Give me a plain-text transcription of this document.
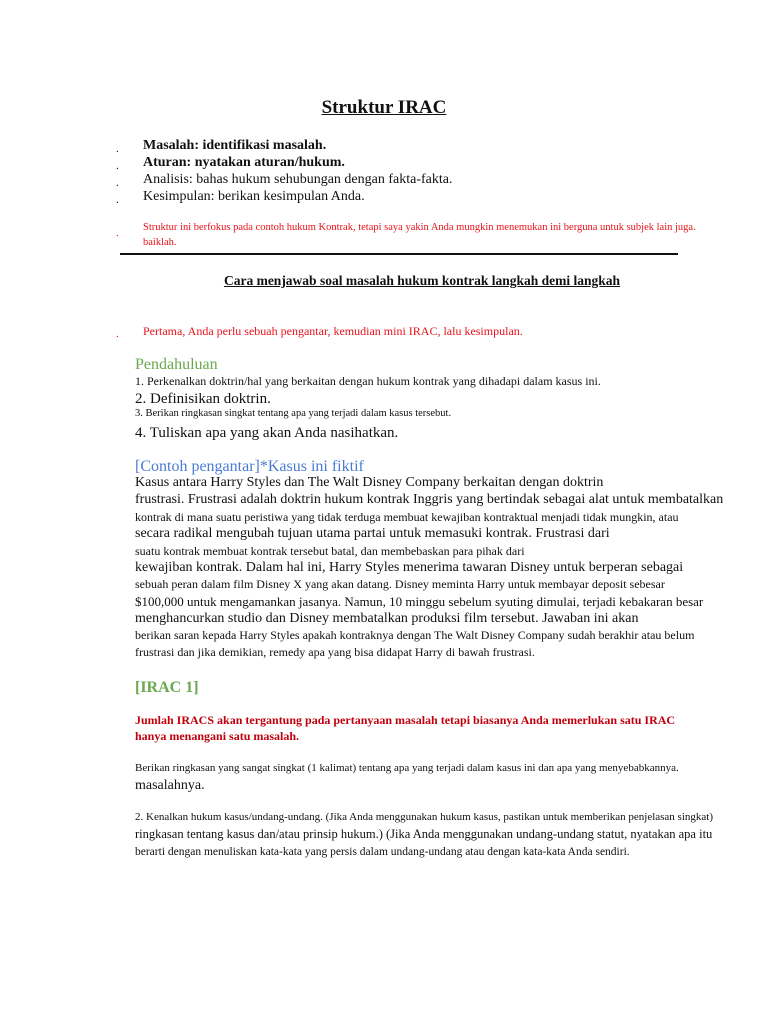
Struktur IRAC
. Masalah: identifikasi masalah.
. Aturan: nyatakan aturan/hukum.
. Analisis: bahas hukum sehubungan dengan fakta-fakta.
. Kesimpulan: berikan kesimpulan Anda.
. Struktur ini berfokus pada contoh hukum Kontrak, tetapi saya yakin Anda mungkin menemukan ini berguna untuk subjek lain juga.
baiklah.
Cara menjawab soal masalah hukum kontrak langkah demi langkah
. Pertama, Anda perlu sebuah pengantar, kemudian mini IRAC, lalu kesimpulan.
Pendahuluan
1. Perkenalkan doktrin/hal yang berkaitan dengan hukum kontrak yang dihadapi dalam kasus ini.
2. Definisikan doktrin.
3. Berikan ringkasan singkat tentang apa yang terjadi dalam kasus tersebut.
4. Tuliskan apa yang akan Anda nasihatkan.
[Contoh pengantar]*Kasus ini fiktif
Kasus antara Harry Styles dan The Walt Disney Company berkaitan dengan doktrin
frustrasi. Frustrasi adalah doktrin hukum kontrak Inggris yang bertindak sebagai alat untuk membatalkan
kontrak di mana suatu peristiwa yang tidak terduga membuat kewajiban kontraktual menjadi tidak mungkin, atau
secara radikal mengubah tujuan utama partai untuk memasuki kontrak. Frustrasi dari
suatu kontrak membuat kontrak tersebut batal, dan membebaskan para pihak dari
kewajiban kontrak. Dalam hal ini, Harry Styles menerima tawaran Disney untuk berperan sebagai
sebuah peran dalam film Disney X yang akan datang. Disney meminta Harry untuk membayar deposit sebesar
$100,000 untuk mengamankan jasanya. Namun, 10 minggu sebelum syuting dimulai, terjadi kebakaran besar
menghancurkan studio dan Disney membatalkan produksi film tersebut. Jawaban ini akan
berikan saran kepada Harry Styles apakah kontraknya dengan The Walt Disney Company sudah berakhir atau belum
frustrasi dan jika demikian, remedy apa yang bisa didapat Harry di bawah frustrasi.
[IRAC 1]
Jumlah IRACS akan tergantung pada pertanyaan masalah tetapi biasanya Anda memerlukan satu IRAC
hanya menangani satu masalah.
Berikan ringkasan yang sangat singkat (1 kalimat) tentang apa yang terjadi dalam kasus ini dan apa yang menyebabkannya.
masalahnya.
2. Kenalkan hukum kasus/undang-undang. (Jika Anda menggunakan hukum kasus, pastikan untuk memberikan penjelasan singkat)
ringkasan tentang kasus dan/atau prinsip hukum.) (Jika Anda menggunakan undang-undang statut, nyatakan apa itu
berarti dengan menuliskan kata-kata yang persis dalam undang-undang atau dengan kata-kata Anda sendiri.
